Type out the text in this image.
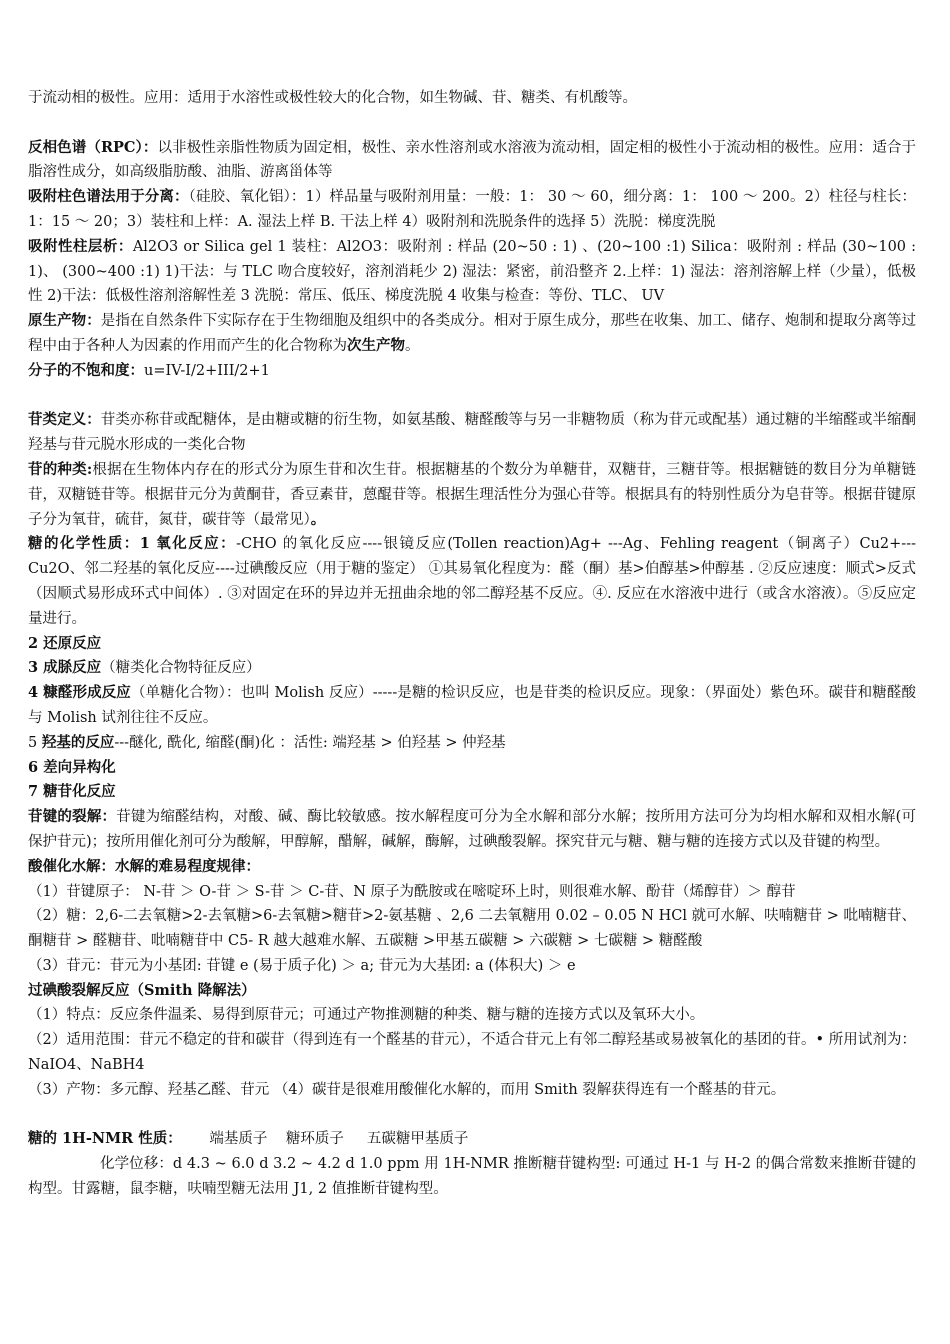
于流动相的极性。应用：适用于水溶性或极性较大的化合物，如生物碱、苷、糖类、有机酸等。

反相色谱（RPC）：以非极性亲脂性物质为固定相，极性、亲水性溶剂或水溶液为流动相，固定相的极性小于流动相的极性。应用：适合于脂溶性成分，如高级脂肪酸、油脂、游离甾体等

吸附柱色谱法用于分离：（硅胶、氧化铝）：1）样品量与吸附剂用量：一般：1： 30 ～ 60，细分离：1： 100 ～ 200。2）柱径与柱长：1：15 ～ 20；3）装柱和上样：A. 湿法上样 B. 干法上样 4）吸附剂和洗脱条件的选择 5）洗脱：梯度洗脱

吸附性柱层析：Al2O3 or Silica gel 1 装柱：Al2O3：吸附剂 : 样品 (20~50 : 1) 、(20~100 :1) Silica：吸附剂 : 样品 (30~100 : 1)、 (300~400 :1) 1)干法：与 TLC 吻合度较好，溶剂消耗少 2) 湿法：紧密，前沿整齐 2.上样：1) 湿法：溶剂溶解上样（少量），低极性 2)干法：低极性溶剂溶解性差 3 洗脱：常压、低压、梯度洗脱 4 收集与检查：等份、TLC、 UV

原生产物：是指在自然条件下实际存在于生物细胞及组织中的各类成分。相对于原生成分，那些在收集、加工、储存、炮制和提取分离等过程中由于各种人为因素的作用而产生的化合物称为次生产物。

分子的不饱和度：u=IV-I/2+III/2+1

苷类定义：苷类亦称苷或配糖体，是由糖或糖的衍生物，如氨基酸、糖醛酸等与另一非糖物质（称为苷元或配基）通过糖的半缩醛或半缩酮羟基与苷元脱水形成的一类化合物

苷的种类:根据在生物体内存在的形式分为原生苷和次生苷。根据糖基的个数分为单糖苷，双糖苷，三糖苷等。根据糖链的数目分为单糖链苷，双糖链苷等。根据苷元分为黄酮苷，香豆素苷，蒽醌苷等。根据生理活性分为强心苷等。根据具有的特别性质分为皂苷等。根据苷键原子分为氧苷，硫苷，氮苷，碳苷等（最常见）。

糖的化学性质：1 氧化反应：-CHO 的氧化反应----银镜反应(Tollen reaction)Ag+ ---Ag、Fehling reagent（铜离子）Cu2+---Cu2O、邻二羟基的氧化反应----过碘酸反应（用于糖的鉴定） ①其易氧化程度为：醛（酮）基>伯醇基>仲醇基 . ②反应速度：顺式>反式（因顺式易形成环式中间体）. ③对固定在环的异边并无扭曲余地的邻二醇羟基不反应。④. 反应在水溶液中进行（或含水溶液）。⑤反应定量进行。

2 还原反应

3 成脎反应（糖类化合物特征反应）

4 糠醛形成反应（单糖化合物）：也叫 Molish 反应）-----是糖的检识反应，也是苷类的检识反应。现象：（界面处）紫色环。碳苷和糖醛酸与 Molish 试剂往往不反应。

5 羟基的反应---醚化, 酰化, 缩醛(酮)化 ：活性: 端羟基 > 伯羟基 > 仲羟基

6 差向异构化

7 糖苷化反应

苷键的裂解：苷键为缩醛结构，对酸、碱、酶比较敏感。按水解程度可分为全水解和部分水解；按所用方法可分为均相水解和双相水解(可保护苷元)；按所用催化剂可分为酸解，甲醇解，醋解，碱解，酶解，过碘酸裂解。探究苷元与糖、糖与糖的连接方式以及苷键的构型。

酸催化水解：水解的难易程度规律：

（1）苷键原子： N-苷 ＞ O-苷 ＞ S-苷 ＞ C-苷、N 原子为酰胺或在嘧啶环上时，则很难水解、酚苷（烯醇苷）＞ 醇苷

（2）糖：2,6-二去氧糖>2-去氧糖>6-去氧糖>糖苷>2-氨基糖 、2,6 二去氧糖用 0.02 – 0.05 N HCl 就可水解、呋喃糖苷 > 吡喃糖苷、酮糖苷 > 醛糖苷、吡喃糖苷中 C5- R 越大越难水解、五碳糖 >甲基五碳糖 > 六碳糖 > 七碳糖 > 糖醛酸

（3）苷元：苷元为小基团: 苷键 e (易于质子化) ＞ a; 苷元为大基团: a (体积大) ＞ e

过碘酸裂解反应（Smith 降解法）

（1）特点：反应条件温柔、易得到原苷元；可通过产物推测糖的种类、糖与糖的连接方式以及氧环大小。

（2）适用范围：苷元不稳定的苷和碳苷（得到连有一个醛基的苷元），不适合苷元上有邻二醇羟基或易被氧化的基团的苷。• 所用试剂为：NaIO4、NaBH4

（3）产物：多元醇、羟基乙醛、苷元 （4）碳苷是很难用酸催化水解的，而用 Smith 裂解获得连有一个醛基的苷元。

糖的 1H-NMR 性质：      端基质子    糖环质子     五碳糖甲基质子

化学位移：d 4.3 ~ 6.0 d 3.2 ~ 4.2 d 1.0 ppm 用 1H-NMR 推断糖苷键构型: 可通过 H-1 与 H-2 的偶合常数来推断苷键的构型。甘露糖，鼠李糖，呋喃型糖无法用 J1, 2 值推断苷键构型。
